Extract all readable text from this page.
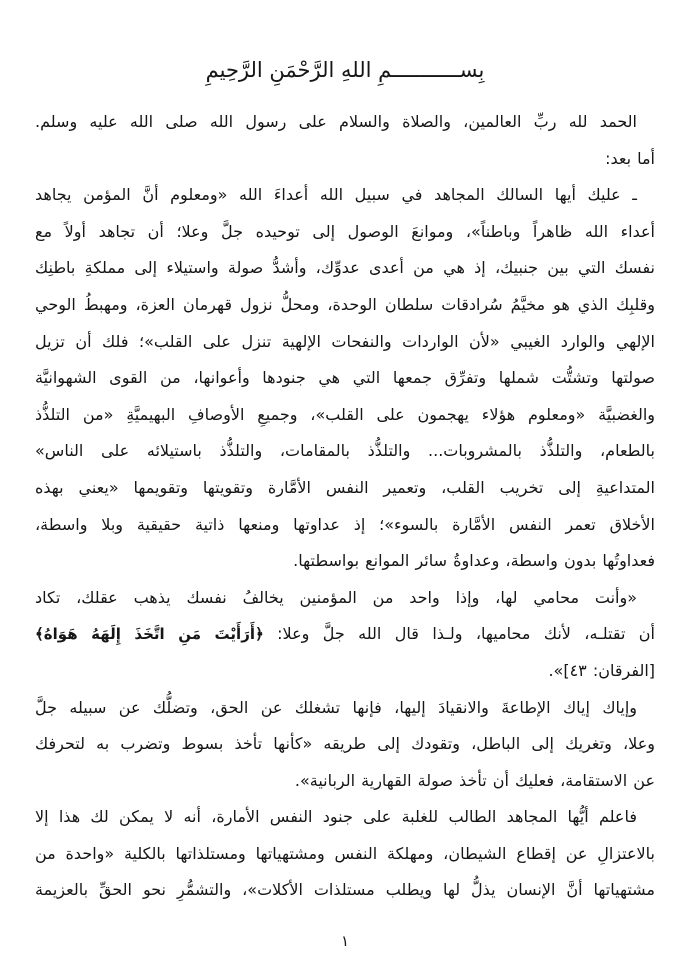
بِســـــــــــمِ اللهِ الرَّحْمَنِ الرَّحِيمِ
الحمد لله ربِّ العالمين، والصلاة والسلام على رسول الله صلى الله عليه وسلم.
أما بعد:
ـ عليك أيها السالك المجاهد في سبيل الله أعداءَ الله «ومعلوم أنَّ المؤمن يجاهد
أعداء الله ظاهراً وباطناً»، وموانعَ الوصول إلى توحيده جلَّ وعلا؛ أن تجاهد أولاً مع
نفسك التي بين جنبيك، إذ هي من أعدى عدوِّك، وأشدُّ صولة واستيلاء إلى مملكةِ باطنِك
وقلبِك الذي هو مخيَّمُ سُرادقات سلطان الوحدة، ومحلُّ نزول قهرمان العزة، ومهبطُ الوحي
الإلهي والوارد الغيبي «لأن الواردات والنفحات الإلهية تنزل على القلب»؛ فلك أن تزيل
صولتها وتشتُّت شملها وتفرِّق جمعها التي هي جنودها وأعوانها، من القوى الشهوانيَّة
والغضبيَّة «ومعلوم هؤلاء يهجمون على القلب»، وجميعِ الأوصافِ البهيميَّةِ «من التلذُّذ
بالطعام، والتلذُّذ بالمشروبات... والتلذُّذ بالمقامات، والتلذُّذ باستيلائه على الناس»
المتداعيةِ إلى تخريب القلب، وتعمير النفس الأمَّارة وتقويتها وتقويمها «يعني بهذه
الأخلاق تعمر النفس الأمَّارة بالسوء»؛ إذ عداوتها ومنعها ذاتية حقيقية وبلا واسطة،
فعداوتُها بدون واسطة، وعداوةُ سائر الموانع بواسطتها.
«وأنت محامي لها، وإذا واحد من المؤمنين يخالفُ نفسك يذهب عقلك، تكاد
أن تقتلـه، لأنك محاميها، ولـذا قال الله جلَّ وعلا: ﴿أَرَأَيْتَ مَنِ اتَّخَذَ إِلَهَهُ هَوَاهُ﴾
[الفرقان: ٤٣]».
وإياك إياك الإطاعةَ والانقيادَ إليها، فإنها تشغلك عن الحق، وتضلُّك عن سبيله جلَّ
وعلا، وتغريك إلى الباطل، وتقودك إلى طريقه «كأنها تأخذ بسوط وتضرب به لتحرفك
عن الاستقامة، فعليك أن تأخذ صولة القهارية الربانية».
فاعلم أيُّها المجاهد الطالب للغلبة على جنود النفس الأمارة، أنه لا يمكن لك هذا إلا
بالاعتزالِ عن إقطاع الشيطان، ومهلكة النفس ومشتهياتها ومستلذاتها بالكلية «واحدة من
مشتهياتها أنَّ الإنسان يذلُّ لها ويطلب مستلذات الأكلات»، والتشمُّرِ نحو الحقِّ بالعزيمة
١
